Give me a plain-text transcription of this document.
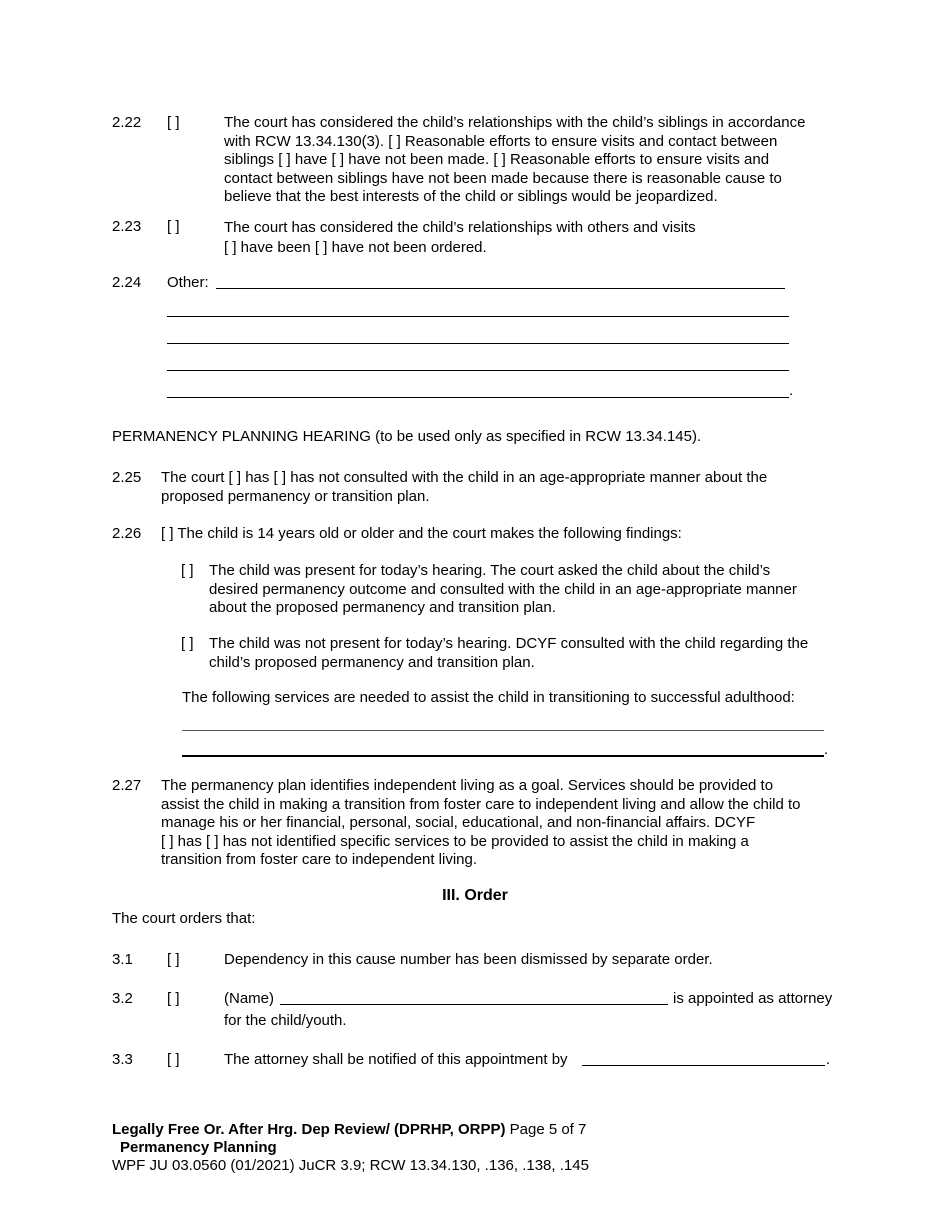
2.22 [ ]	The court has considered the child’s relationships with the child’s siblings in accordance
with RCW 13.34.130(3). [ ] Reasonable efforts to ensure visits and contact between
siblings [ ] have [ ] have not been made. [ ] Reasonable efforts to ensure visits and
contact between siblings have not been made because there is reasonable cause to
believe that the best interests of the child or siblings would be jeopardized.
2.23 [ ]	The court has considered the child’s relationships with others and visits
[ ] have been [ ] have not been ordered.
2.24 Other:
.
PERMANENCY PLANNING HEARING (to be used only as specified in RCW 13.34.145).
2.25 The court [ ] has [ ] has not consulted with the child in an age-appropriate manner about the
proposed permanency or transition plan.
2.26 [ ] The child is 14 years old or older and the court makes the following findings:
[ ] The child was present for today’s hearing. The court asked the child about the child’s
desired permanency outcome and consulted with the child in an age-appropriate manner
about the proposed permanency and transition plan.
[ ] The child was not present for today’s hearing. DCYF consulted with the child regarding the
child’s proposed permanency and transition plan.
The following services are needed to assist the child in transitioning to successful adulthood:
.
2.27 The permanency plan identifies independent living as a goal. Services should be provided to
assist the child in making a transition from foster care to independent living and allow the child to
manage his or her financial, personal, social, educational, and non-financial affairs. DCYF
[ ] has [ ] has not identified specific services to be provided to assist the child in making a
transition from foster care to independent living.
III. Order
The court orders that:
3.1 [ ]	Dependency in this cause number has been dismissed by separate order.
3.2 [ ]	(Name)	is appointed as attorney
for the child/youth.
3.3 [ ]	The attorney shall be notified of this appointment by	.
Legally Free Or. After Hrg. Dep Review/ (DPRHP, ORPP) Page 5 of 7
Permanency Planning
WPF JU 03.0560 (01/2021) JuCR 3.9; RCW 13.34.130, .136, .138, .145
